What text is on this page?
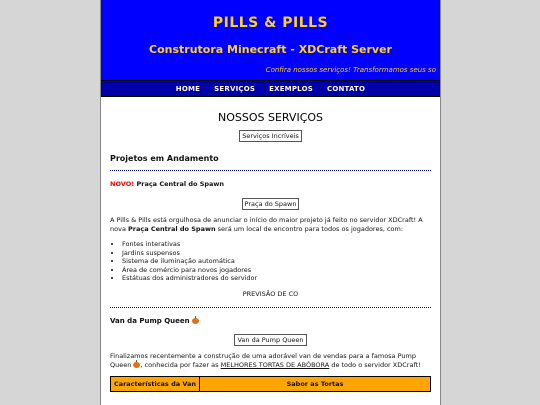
PILLS & PILLS
Construtora Minecraft - XDCraft Server
Confira nossos serviços! Transformamos seus so
HOME SERVIÇOS EXEMPLOS CONTATO
NOSSOS SERVIÇOS
Serviços Incríveis
Projetos em Andamento
NOVO! Praça Central do Spawn
Praça do Spawn

A Pills & Pills está orgulhosa de anunciar o início do maior projeto já feito no servidor XDCraft! A nova Praça Central do Spawn será um local de encontro para todos os jogadores, com:

• Fontes interativas
• Jardins suspensos
• Sistema de iluminação automática
• Área de comércio para novos jogadores
• Estátuas dos administradores do servidor
PREVISÃO DE CO
Van da Pump Queen
Van da Pump Queen

Finalizamos recentemente a construção de uma adorável van de vendas para a famosa Pump Queen , conhecida por fazer as MELHORES TORTAS DE ABÓBORA de todo o servidor XDCraft!

Características da Van	Sabor as Tortas
